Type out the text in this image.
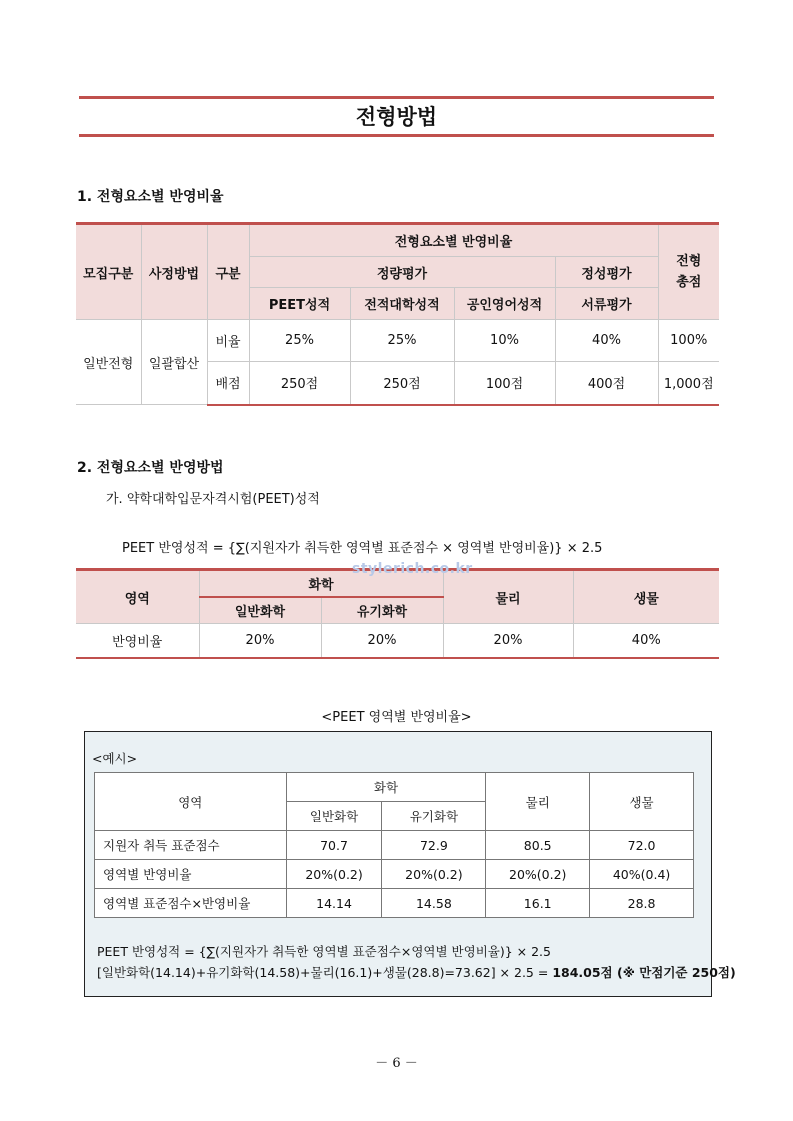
전형방법
1. 전형요소별 반영비율
모집구분	사정방법	구분	전형요소별 반영비율				전형
총점
			정량평가			정성평가	
			PEET성적	전적대학성적	공인영어성적	서류평가	
일반전형	일괄합산	비율	25%	25%	10%	40%	100%
		배점	250점	250점	100점	400점	1,000점
2. 전형요소별 반영방법
가. 약학대학입문자격시험(PEET)성적
PEET 반영성적 = {∑(지원자가 취득한 영역별 표준점수 × 영역별 반영비율)} × 2.5
영역	화학		물리	생물
	일반화학	유기화학		
반영비율	20%	20%	20%	40%
stylerich.co.kr
<PEET 영역별 반영비율>
<예시>
영역	화학		물리	생물
	일반화학	유기화학		
지원자 취득 표준점수	70.7	72.9	80.5	72.0
영역별 반영비율	20%(0.2)	20%(0.2)	20%(0.2)	40%(0.4)
영역별 표준점수×반영비율	14.14	14.58	16.1	28.8
PEET 반영성적 = {∑(지원자가 취득한 영역별 표준점수×영역별 반영비율)} × 2.5
[일반화학(14.14)+유기화학(14.58)+물리(16.1)+생물(28.8)=73.62] × 2.5 = 184.05점 (※ 만점기준 250점)
－ 6 －
